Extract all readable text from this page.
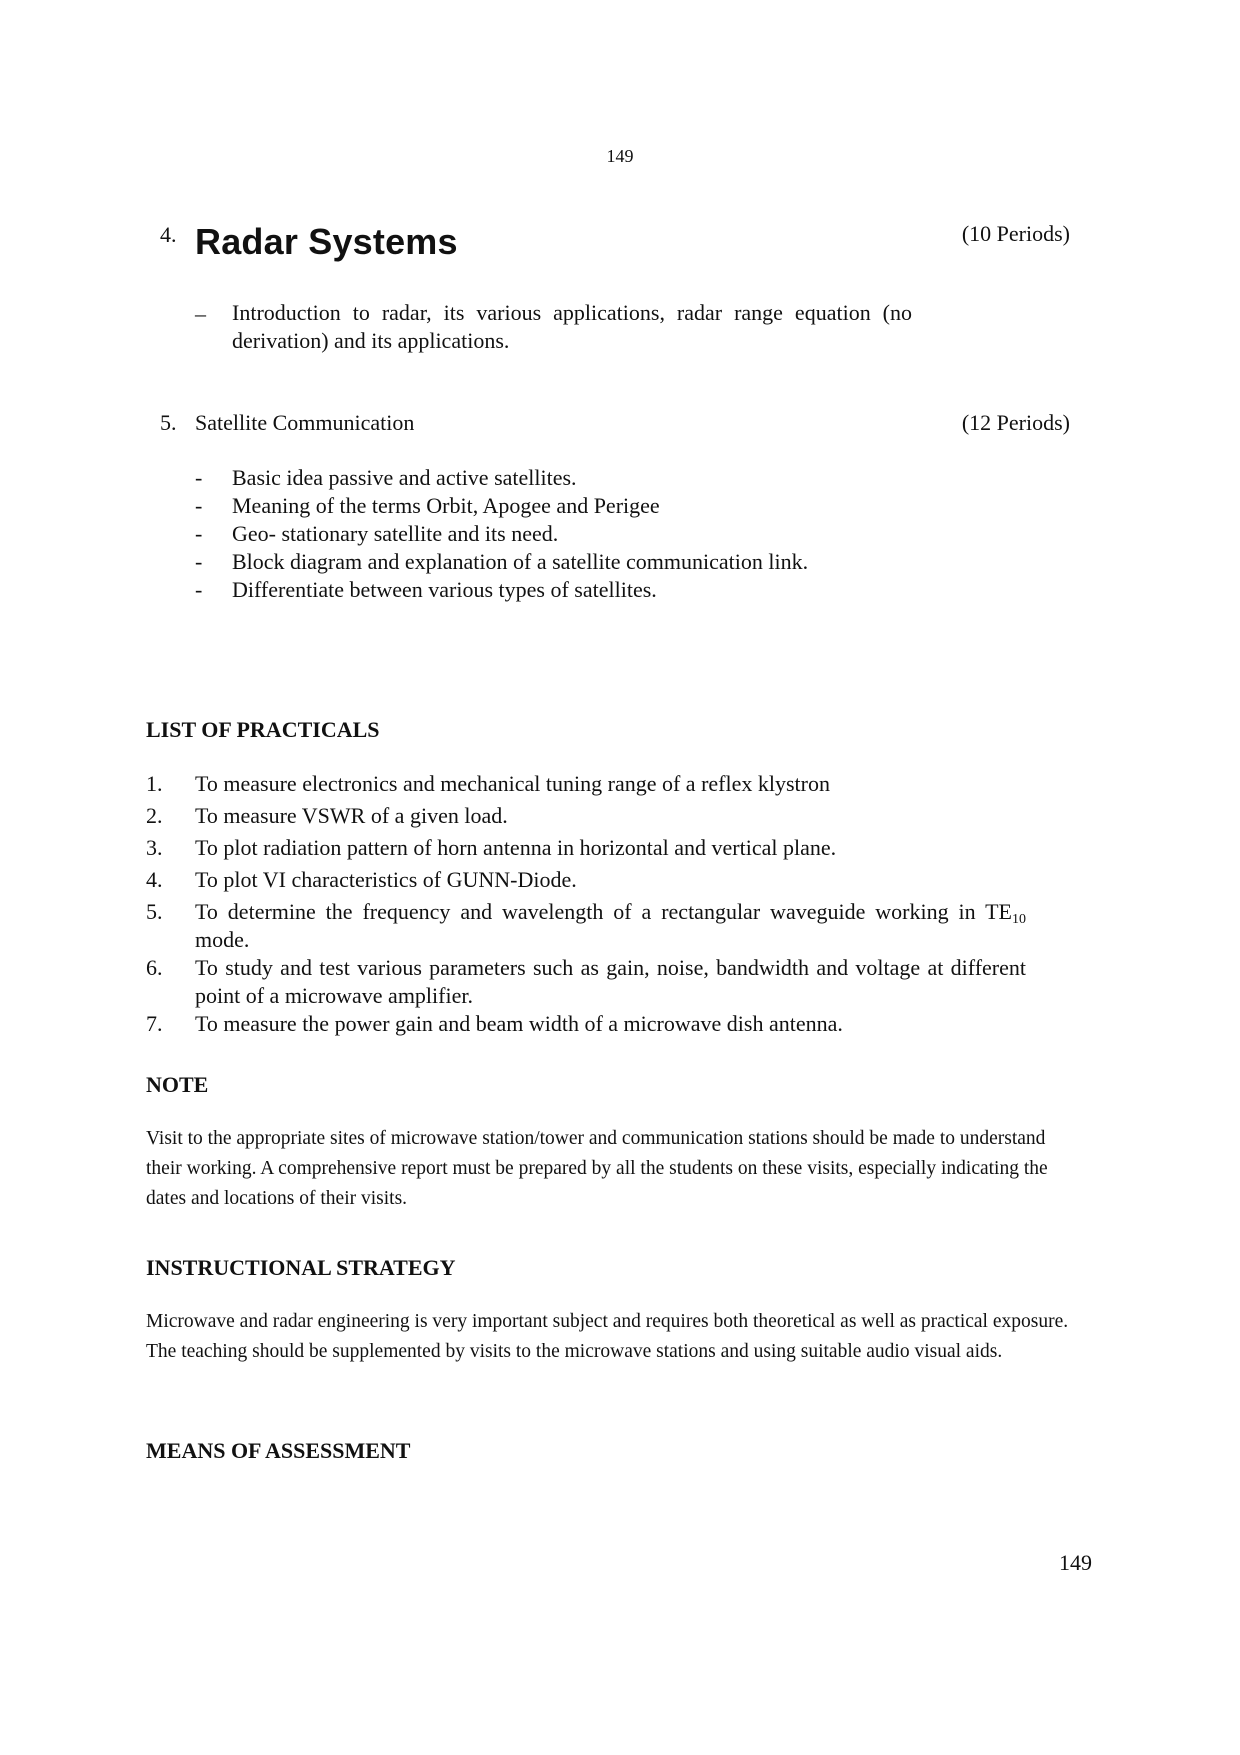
149
4. Radar Systems	(10 Periods)
– Introduction to radar, its various applications, radar range equation (no derivation) and its applications.
5. Satellite Communication	(12 Periods)
- Basic idea passive and active satellites.
- Meaning of the terms Orbit, Apogee and Perigee
- Geo- stationary satellite and its need.
- Block diagram and explanation of a satellite communication link.
- Differentiate between various types of satellites.
LIST OF PRACTICALS
1. To measure electronics and mechanical tuning range of a reflex klystron
2. To measure VSWR of a given load.
3. To plot radiation pattern of horn antenna in horizontal and vertical plane.
4. To plot VI characteristics of GUNN-Diode.
5. To determine the frequency and wavelength of a rectangular waveguide working in $TE_{10}$ mode.
6. To study and test various parameters such as gain, noise, bandwidth and voltage at different point of a microwave amplifier.
7. To measure the power gain and beam width of a microwave dish antenna.
NOTE
Visit to the appropriate sites of microwave station/tower and communication stations should be made to understand their working. A comprehensive report must be prepared by all the students on these visits, especially indicating the dates and locations of their visits.
INSTRUCTIONAL STRATEGY
Microwave and radar engineering is very important subject and requires both theoretical as well as practical exposure. The teaching should be supplemented by visits to the microwave stations and using suitable audio visual aids.
MEANS OF ASSESSMENT
149
